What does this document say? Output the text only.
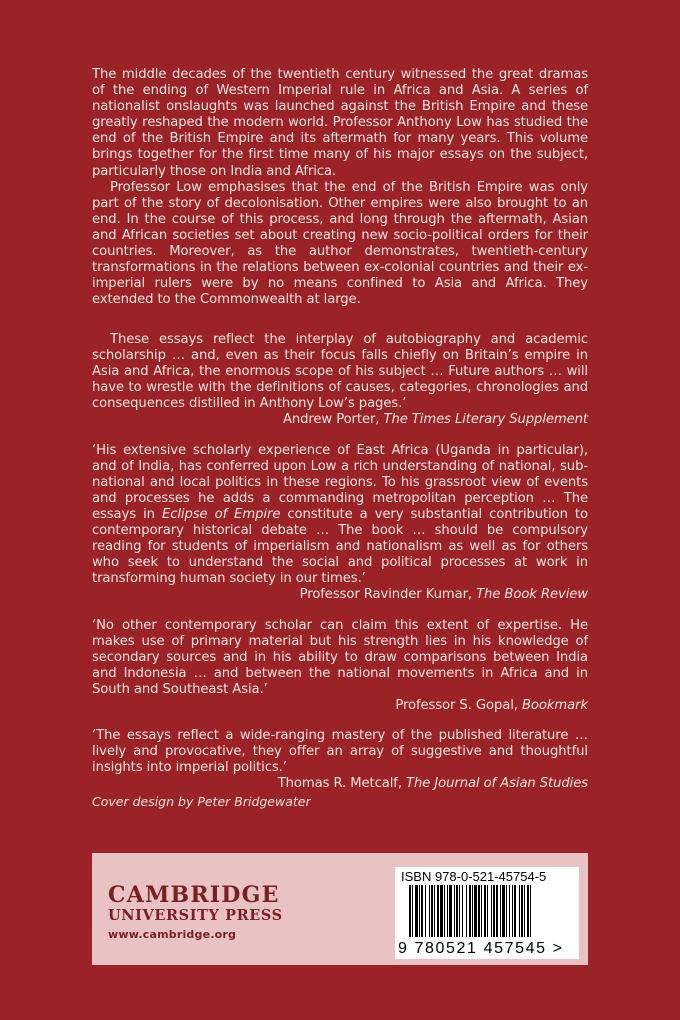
The middle decades of the twentieth century witnessed the great dramas of the ending of Western Imperial rule in Africa and Asia. A series of nationalist onslaughts was launched against the British Empire and these greatly reshaped the modern world. Professor Anthony Low has studied the end of the British Empire and its aftermath for many years. This volume brings together for the first time many of his major essays on the subject, particularly those on India and Africa.

Professor Low emphasises that the end of the British Empire was only part of the story of decolonisation. Other empires were also brought to an end. In the course of this process, and long through the aftermath, Asian and African societies set about creating new socio-political orders for their countries. Moreover, as the author demonstrates, twentieth-century transformations in the relations between ex-colonial countries and their ex-imperial rulers were by no means confined to Asia and Africa. They extended to the Commonwealth at large.

These essays reflect the interplay of autobiography and academic scholarship … and, even as their focus falls chiefly on Britain’s empire in Asia and Africa, the enormous scope of his subject … Future authors … will have to wrestle with the definitions of causes, categories, chronologies and consequences distilled in Anthony Low’s pages.’

Andrew Porter, The Times Literary Supplement

‘His extensive scholarly experience of East Africa (Uganda in particular), and of India, has conferred upon Low a rich understanding of national, sub-national and local politics in these regions. To his grassroot view of events and processes he adds a commanding metropolitan perception … The essays in Eclipse of Empire constitute a very substantial contribution to contemporary historical debate … The book … should be compulsory reading for students of imperialism and nationalism as well as for others who seek to understand the social and political processes at work in transforming human society in our times.’

Professor Ravinder Kumar, The Book Review

‘No other contemporary scholar can claim this extent of expertise. He makes use of primary material but his strength lies in his knowledge of secondary sources and in his ability to draw comparisons between India and Indonesia … and between the national movements in Africa and in South and Southeast Asia.’

Professor S. Gopal, Bookmark

‘The essays reflect a wide-ranging mastery of the published literature … lively and provocative, they offer an array of suggestive and thoughtful insights into imperial politics.’

Thomas R. Metcalf, The Journal of Asian Studies
Cover design by Peter Bridgewater
CAMBRIDGE
UNIVERSITY PRESS
www.cambridge.org
ISBN 978-0-521-45754-5
9 780521 457545 >
